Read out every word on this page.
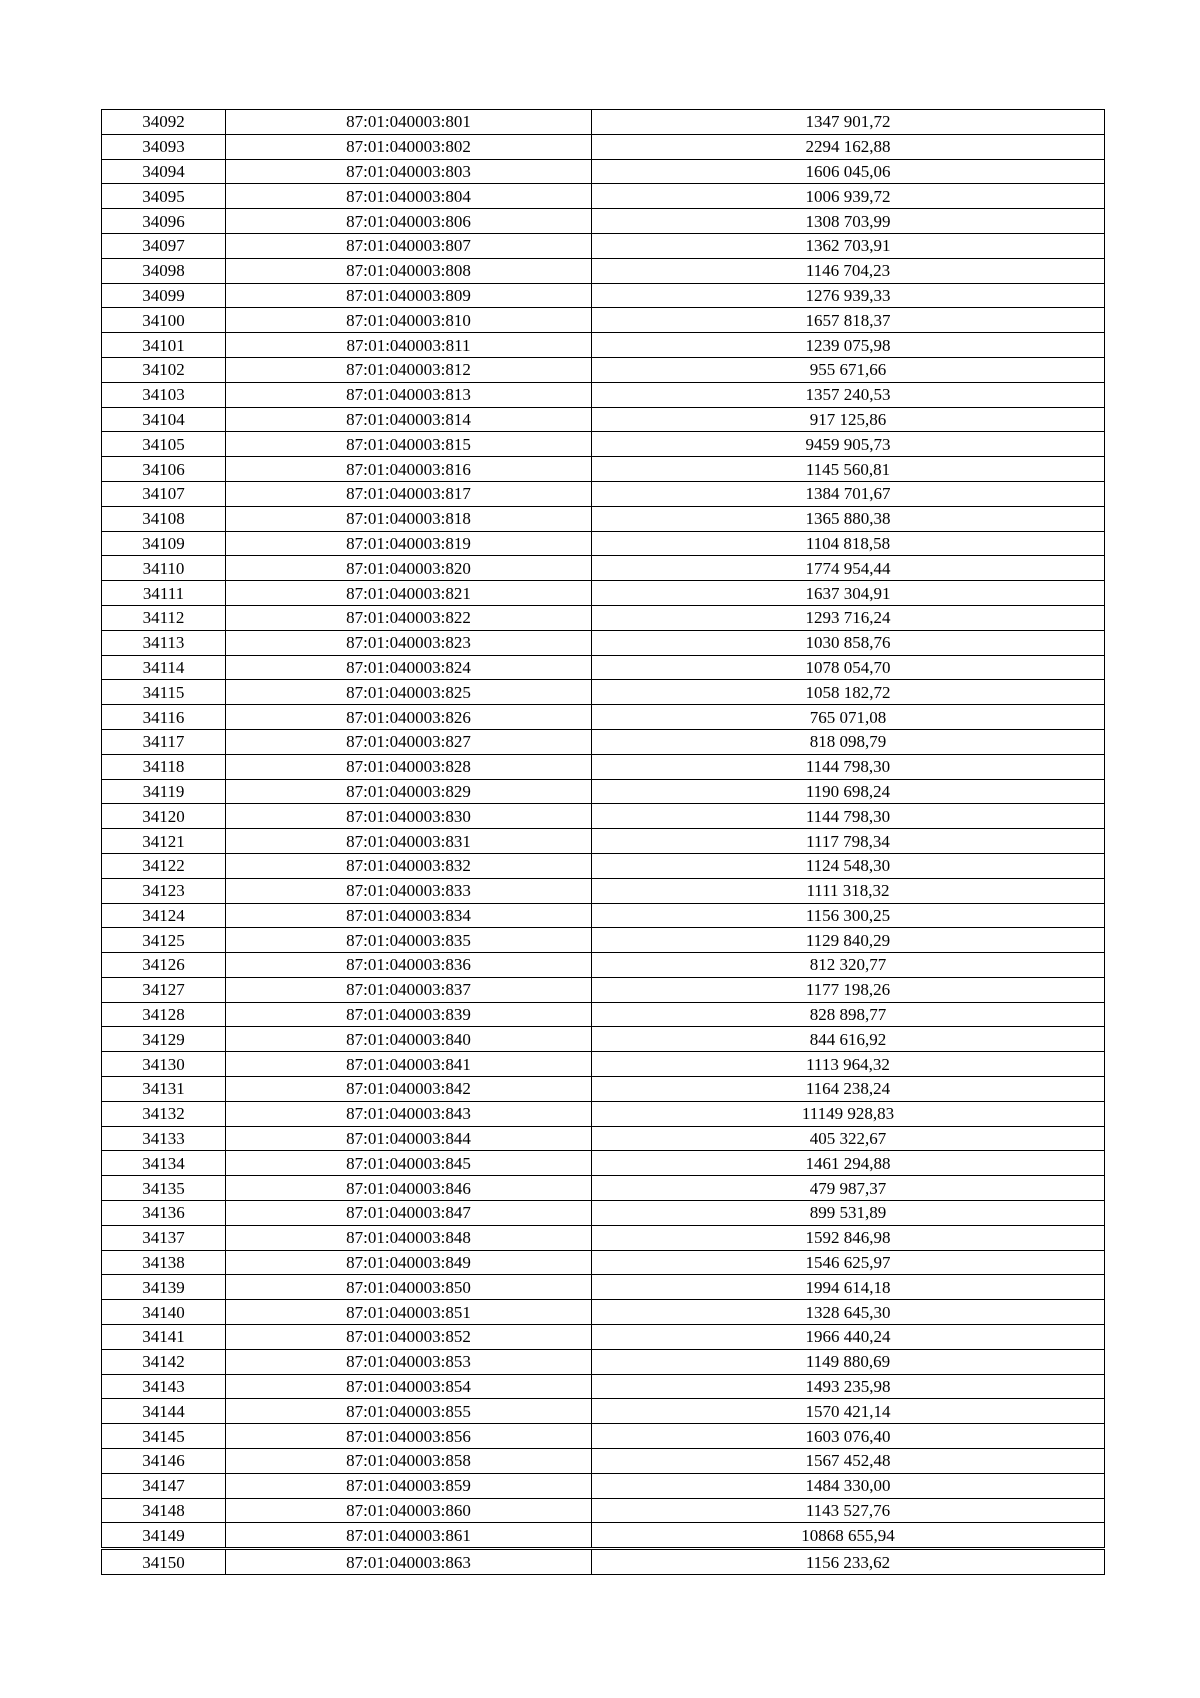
34092	87:01:040003:801	1347 901,72
34093	87:01:040003:802	2294 162,88
34094	87:01:040003:803	1606 045,06
34095	87:01:040003:804	1006 939,72
34096	87:01:040003:806	1308 703,99
34097	87:01:040003:807	1362 703,91
34098	87:01:040003:808	1146 704,23
34099	87:01:040003:809	1276 939,33
34100	87:01:040003:810	1657 818,37
34101	87:01:040003:811	1239 075,98
34102	87:01:040003:812	955 671,66
34103	87:01:040003:813	1357 240,53
34104	87:01:040003:814	917 125,86
34105	87:01:040003:815	9459 905,73
34106	87:01:040003:816	1145 560,81
34107	87:01:040003:817	1384 701,67
34108	87:01:040003:818	1365 880,38
34109	87:01:040003:819	1104 818,58
34110	87:01:040003:820	1774 954,44
34111	87:01:040003:821	1637 304,91
34112	87:01:040003:822	1293 716,24
34113	87:01:040003:823	1030 858,76
34114	87:01:040003:824	1078 054,70
34115	87:01:040003:825	1058 182,72
34116	87:01:040003:826	765 071,08
34117	87:01:040003:827	818 098,79
34118	87:01:040003:828	1144 798,30
34119	87:01:040003:829	1190 698,24
34120	87:01:040003:830	1144 798,30
34121	87:01:040003:831	1117 798,34
34122	87:01:040003:832	1124 548,30
34123	87:01:040003:833	1111 318,32
34124	87:01:040003:834	1156 300,25
34125	87:01:040003:835	1129 840,29
34126	87:01:040003:836	812 320,77
34127	87:01:040003:837	1177 198,26
34128	87:01:040003:839	828 898,77
34129	87:01:040003:840	844 616,92
34130	87:01:040003:841	1113 964,32
34131	87:01:040003:842	1164 238,24
34132	87:01:040003:843	11149 928,83
34133	87:01:040003:844	405 322,67
34134	87:01:040003:845	1461 294,88
34135	87:01:040003:846	479 987,37
34136	87:01:040003:847	899 531,89
34137	87:01:040003:848	1592 846,98
34138	87:01:040003:849	1546 625,97
34139	87:01:040003:850	1994 614,18
34140	87:01:040003:851	1328 645,30
34141	87:01:040003:852	1966 440,24
34142	87:01:040003:853	1149 880,69
34143	87:01:040003:854	1493 235,98
34144	87:01:040003:855	1570 421,14
34145	87:01:040003:856	1603 076,40
34146	87:01:040003:858	1567 452,48
34147	87:01:040003:859	1484 330,00
34148	87:01:040003:860	1143 527,76
34149	87:01:040003:861	10868 655,94
34150	87:01:040003:863	1156 233,62
